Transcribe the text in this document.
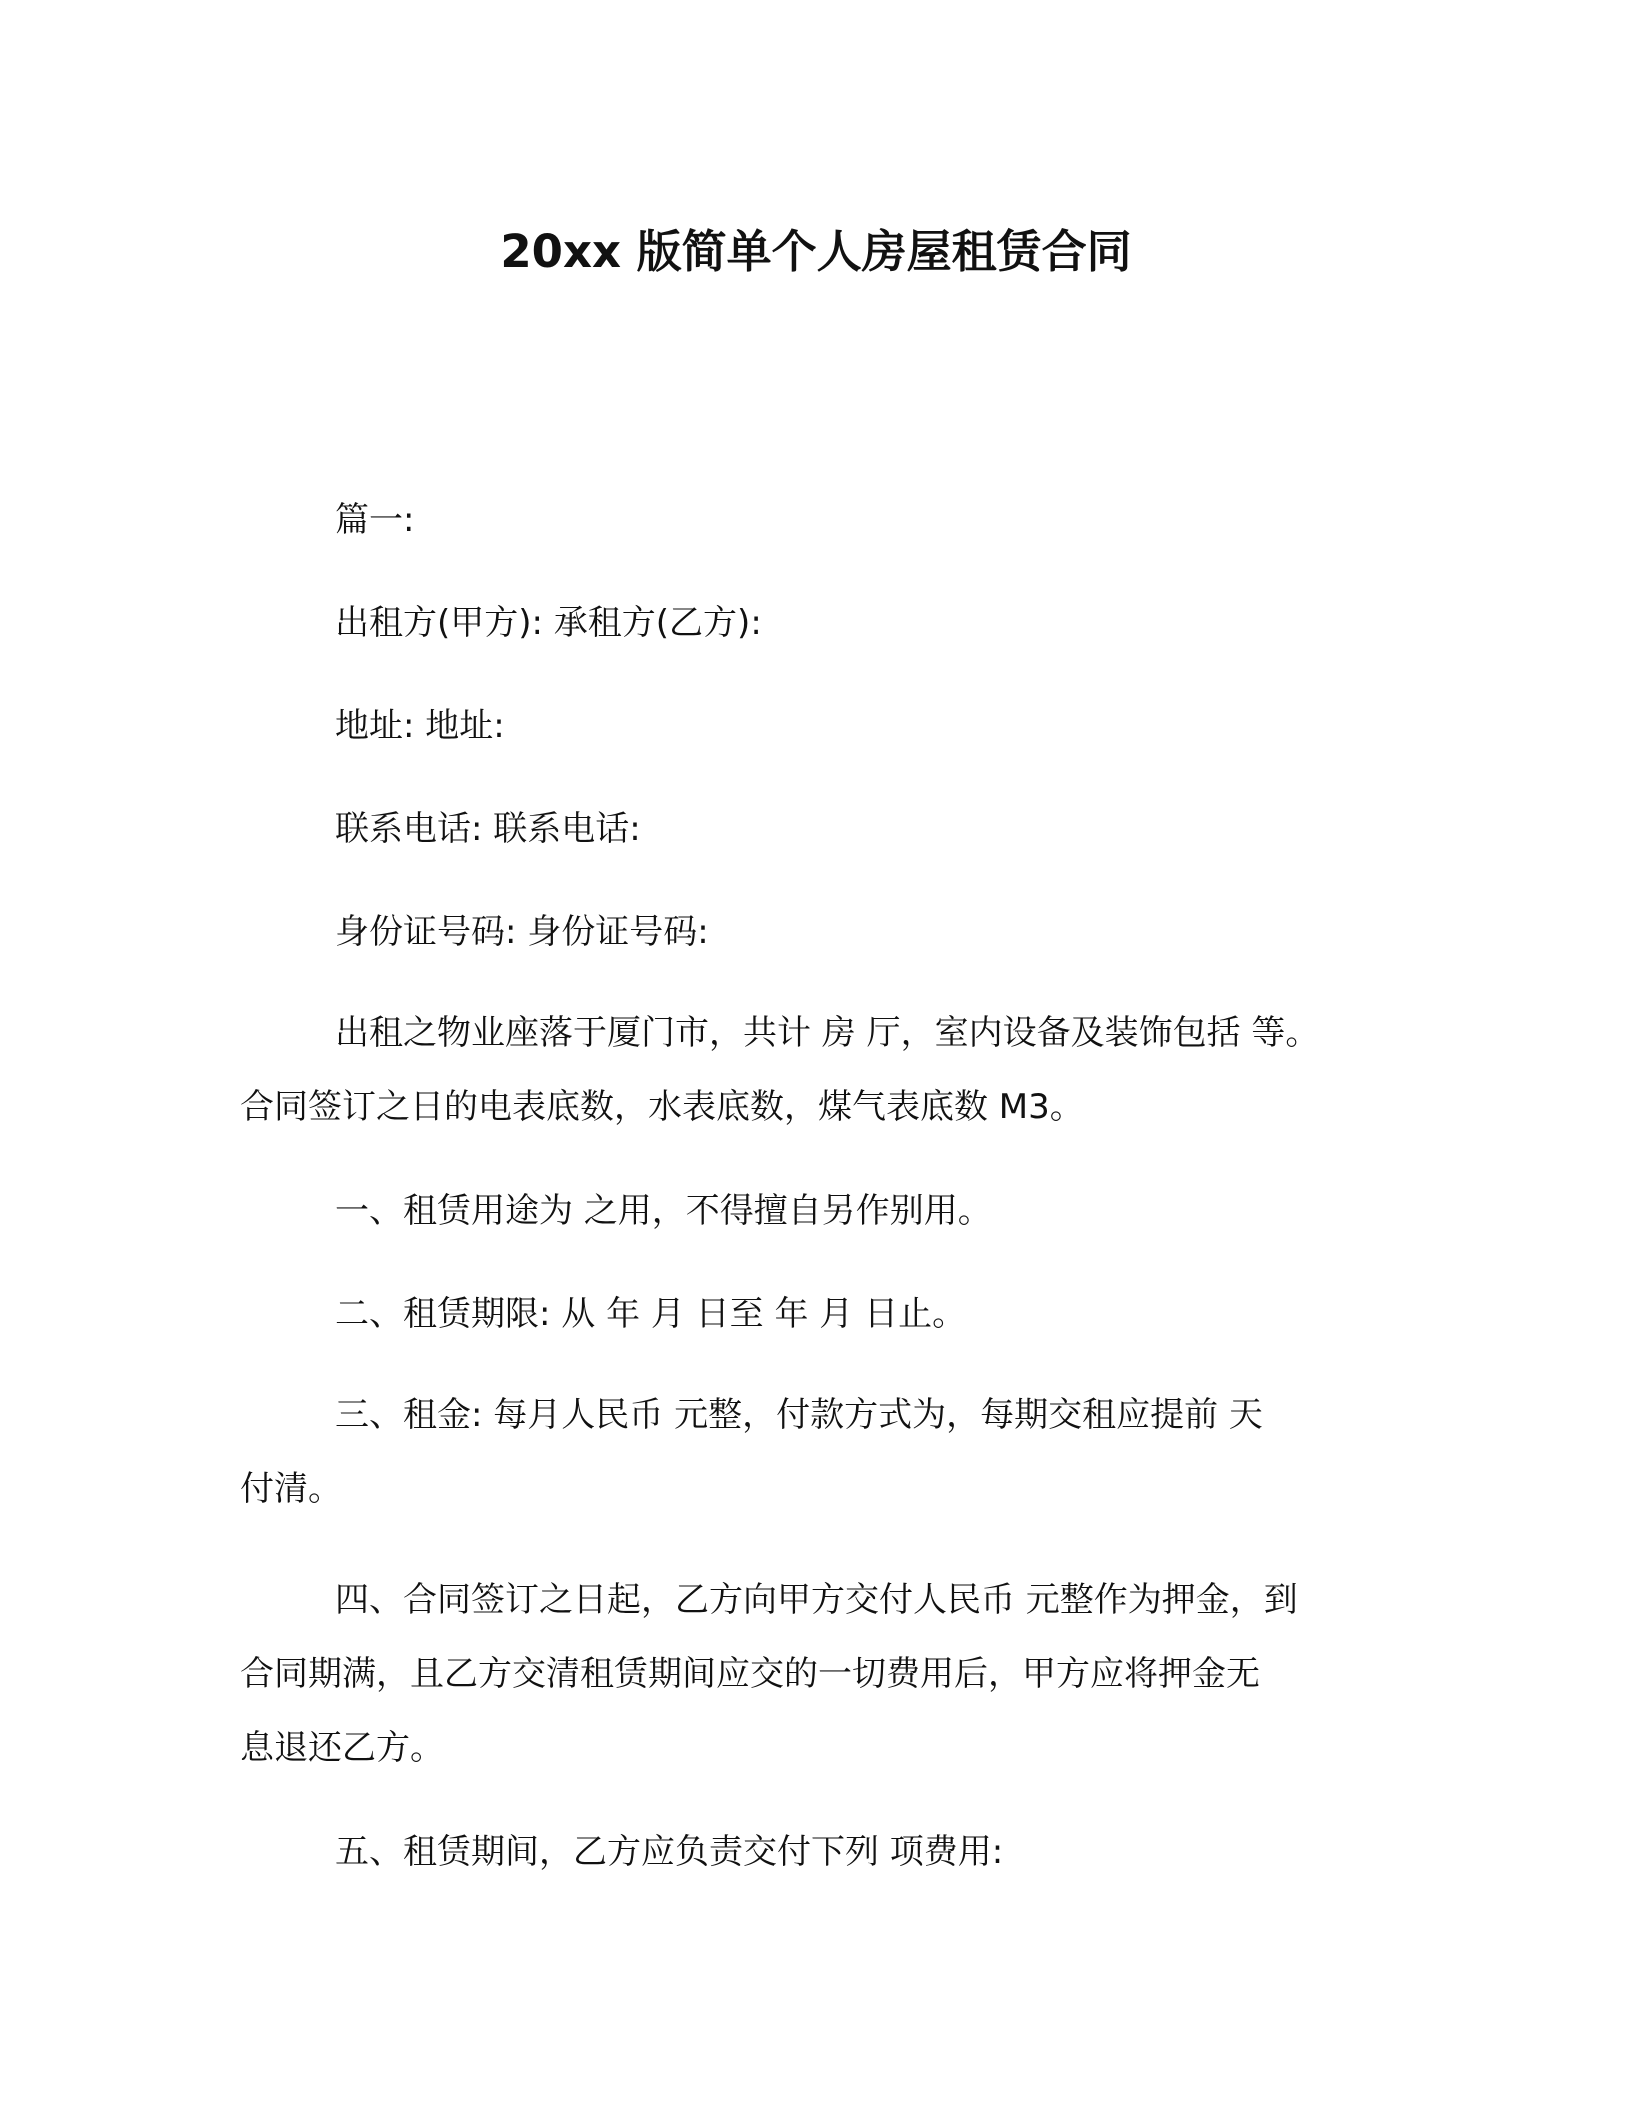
20xx 版简单个人房屋租赁合同
篇一:
出租方(甲方): 承租方(乙方):
地址: 地址:
联系电话: 联系电话:
身份证号码: 身份证号码:
出租之物业座落于厦门市，共计 房 厅，室内设备及装饰包括 等。
合同签订之日的电表底数，水表底数，煤气表底数 M3。
一、租赁用途为 之用，不得擅自另作别用。
二、租赁期限: 从 年 月 日至 年 月 日止。
三、租金: 每月人民币 元整，付款方式为，每期交租应提前 天
付清。
四、合同签订之日起，乙方向甲方交付人民币 元整作为押金，到
合同期满，且乙方交清租赁期间应交的一切费用后，甲方应将押金无
息退还乙方。
五、租赁期间，乙方应负责交付下列 项费用:
